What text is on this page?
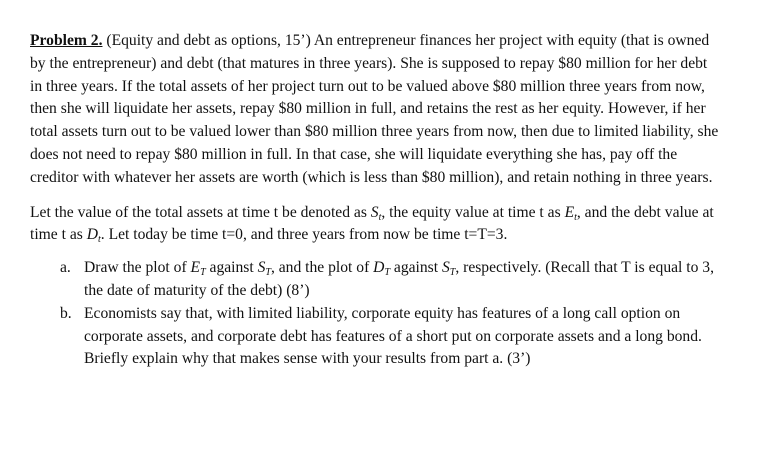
Problem 2. (Equity and debt as options, 15’) An entrepreneur finances her project with equity (that is owned by the entrepreneur) and debt (that matures in three years). She is supposed to repay $80 million for her debt in three years. If the total assets of her project turn out to be valued above $80 million three years from now, then she will liquidate her assets, repay $80 million in full, and retains the rest as her equity. However, if her total assets turn out to be valued lower than $80 million three years from now, then due to limited liability, she does not need to repay $80 million in full. In that case, she will liquidate everything she has, pay off the creditor with whatever her assets are worth (which is less than $80 million), and retain nothing in three years.

Let the value of the total assets at time t be denoted as $S_t$, the equity value at time t as $E_t$, and the debt value at time t as $D_t$. Let today be time t=0, and three years from now be time t=T=3.

a. Draw the plot of $E_T$ against $S_T$, and the plot of $D_T$ against $S_T$, respectively. (Recall that T is equal to 3, the date of maturity of the debt) (8’)
b. Economists say that, with limited liability, corporate equity has features of a long call option on corporate assets, and corporate debt has features of a short put on corporate assets and a long bond. Briefly explain why that makes sense with your results from part a. (3’)
